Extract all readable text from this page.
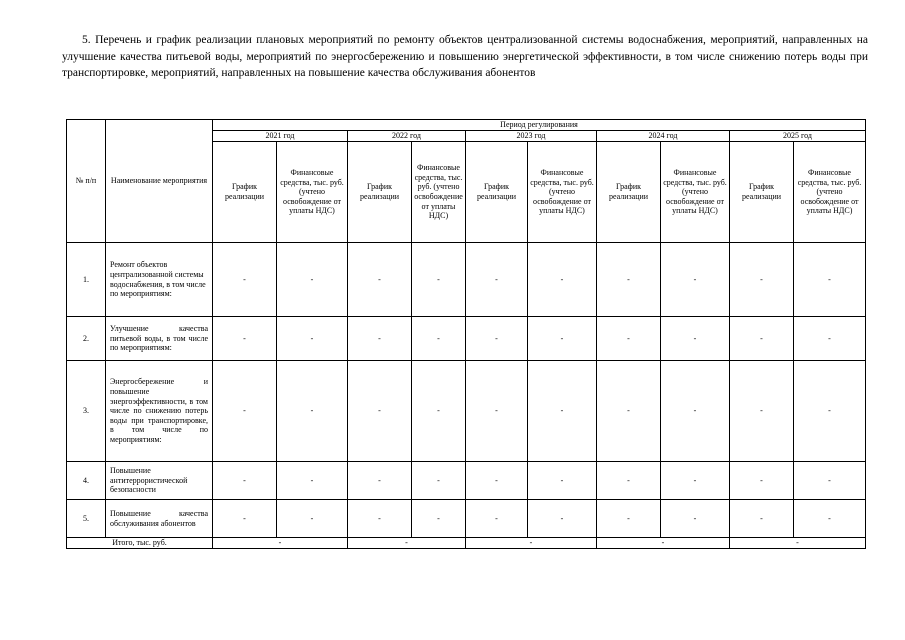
5. Перечень и график реализации плановых мероприятий по ремонту объектов централизованной системы водоснабжения, мероприятий, направленных на улучшение качества питьевой воды, мероприятий по энергосбережению и повышению энергетической эффективности, в том числе снижению потерь воды при транспортировке, мероприятий, направленных на повышение качества обслуживания абонентов
№ п/п	Наименование мероприятия	Период регулирования									
		2021 год		2022 год		2023 год		2024 год		2025 год	
		График реализации	Финансовые средства, тыс. руб. (учтено освобождение от уплаты НДС)	График реализации	Финансовые средства, тыс. руб. (учтено освобождение от уплаты НДС)	График реализации	Финансовые средства, тыс. руб. (учтено освобождение от уплаты НДС)	График реализации	Финансовые средства, тыс. руб. (учтено освобождение от уплаты НДС)	График реализации	Финансовые средства, тыс. руб. (учтено освобождение от уплаты НДС)
1.	Ремонт объектов централизованной системы водоснабжения, в том числе по мероприятиям:	-	-	-	-	-	-	-	-	-	-
2.	Улучшение качества питьевой воды, в том числе по мероприятиям:	-	-	-	-	-	-	-	-	-	-
3.	Энергосбережение и повышение энергоэффективности, в том числе по снижению потерь воды при транспортировке, в том числе по мероприятиям:	-	-	-	-	-	-	-	-	-	-
4.	Повышение антитеррористической безопасности	-	-	-	-	-	-	-	-	-	-
5.	Повышение качества обслуживания абонентов	-	-	-	-	-	-	-	-	-	-
Итого, тыс. руб.		-		-		-		-		-	
